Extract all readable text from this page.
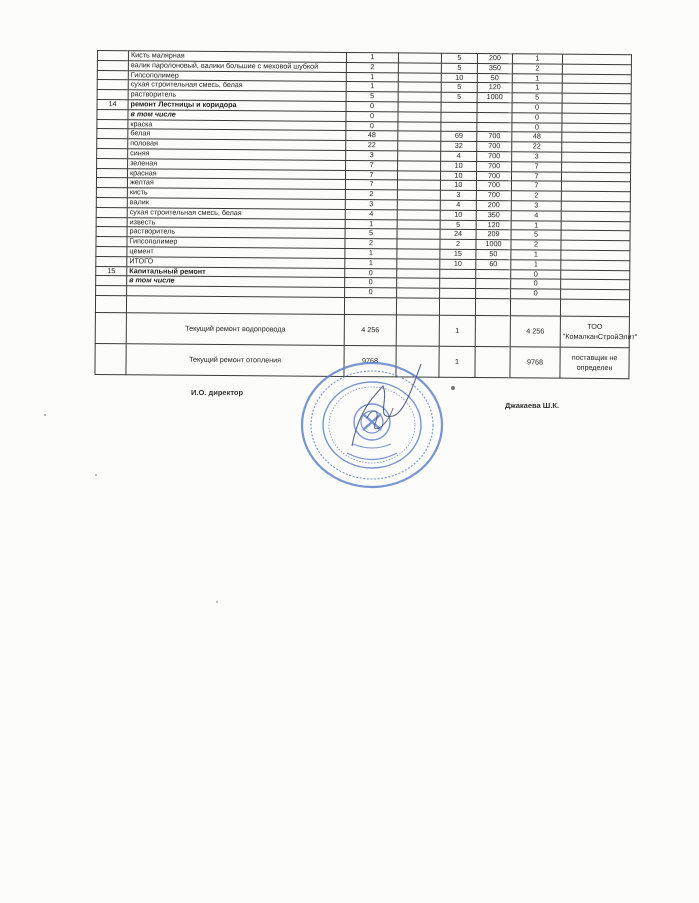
	Кисть малярная	1		5	200	1	
	валик паролоновый, валики большие с меховой шубкой	2		5	350	2	
	Гипсополимер	1		10	50	1	
	сухая строительная смесь, белая	1		5	120	1	
	растворитель	5		5	1000	5	
14	ремонт Лестницы и коридора	0				0	
	в том числе	0				0	
	краска	0				0	
	белая	48		69	700	48	
	половая	22		32	700	22	
	синяя	3		4	700	3	
	зеленая	7		10	700	7	
	красная	7		10	700	7	
	желтая	7		10	700	7	
	кисть	2		3	700	2	
	валик	3		4	200	3	
	сухая строительная смесь, белая	4		10	350	4	
	известь	1		5	120	1	
	растворитель	5		24	209	5	
	Гипсополимер	2		2	1000	2	
	цемент	1		15	50	1	
	ИТОГО	1		10	60	1	
15	Капитальный ремонт	0				0	
	в том числе	0				0	
		0				0	

	Текущий ремонт водопровода	4 256		1		4 256	ТОО "КомалканСтройЭлит"
	Текущий ремонт отопления	9768		1		9768	поставщик не определен
И.О. директор
Джакаева Ш.К.
